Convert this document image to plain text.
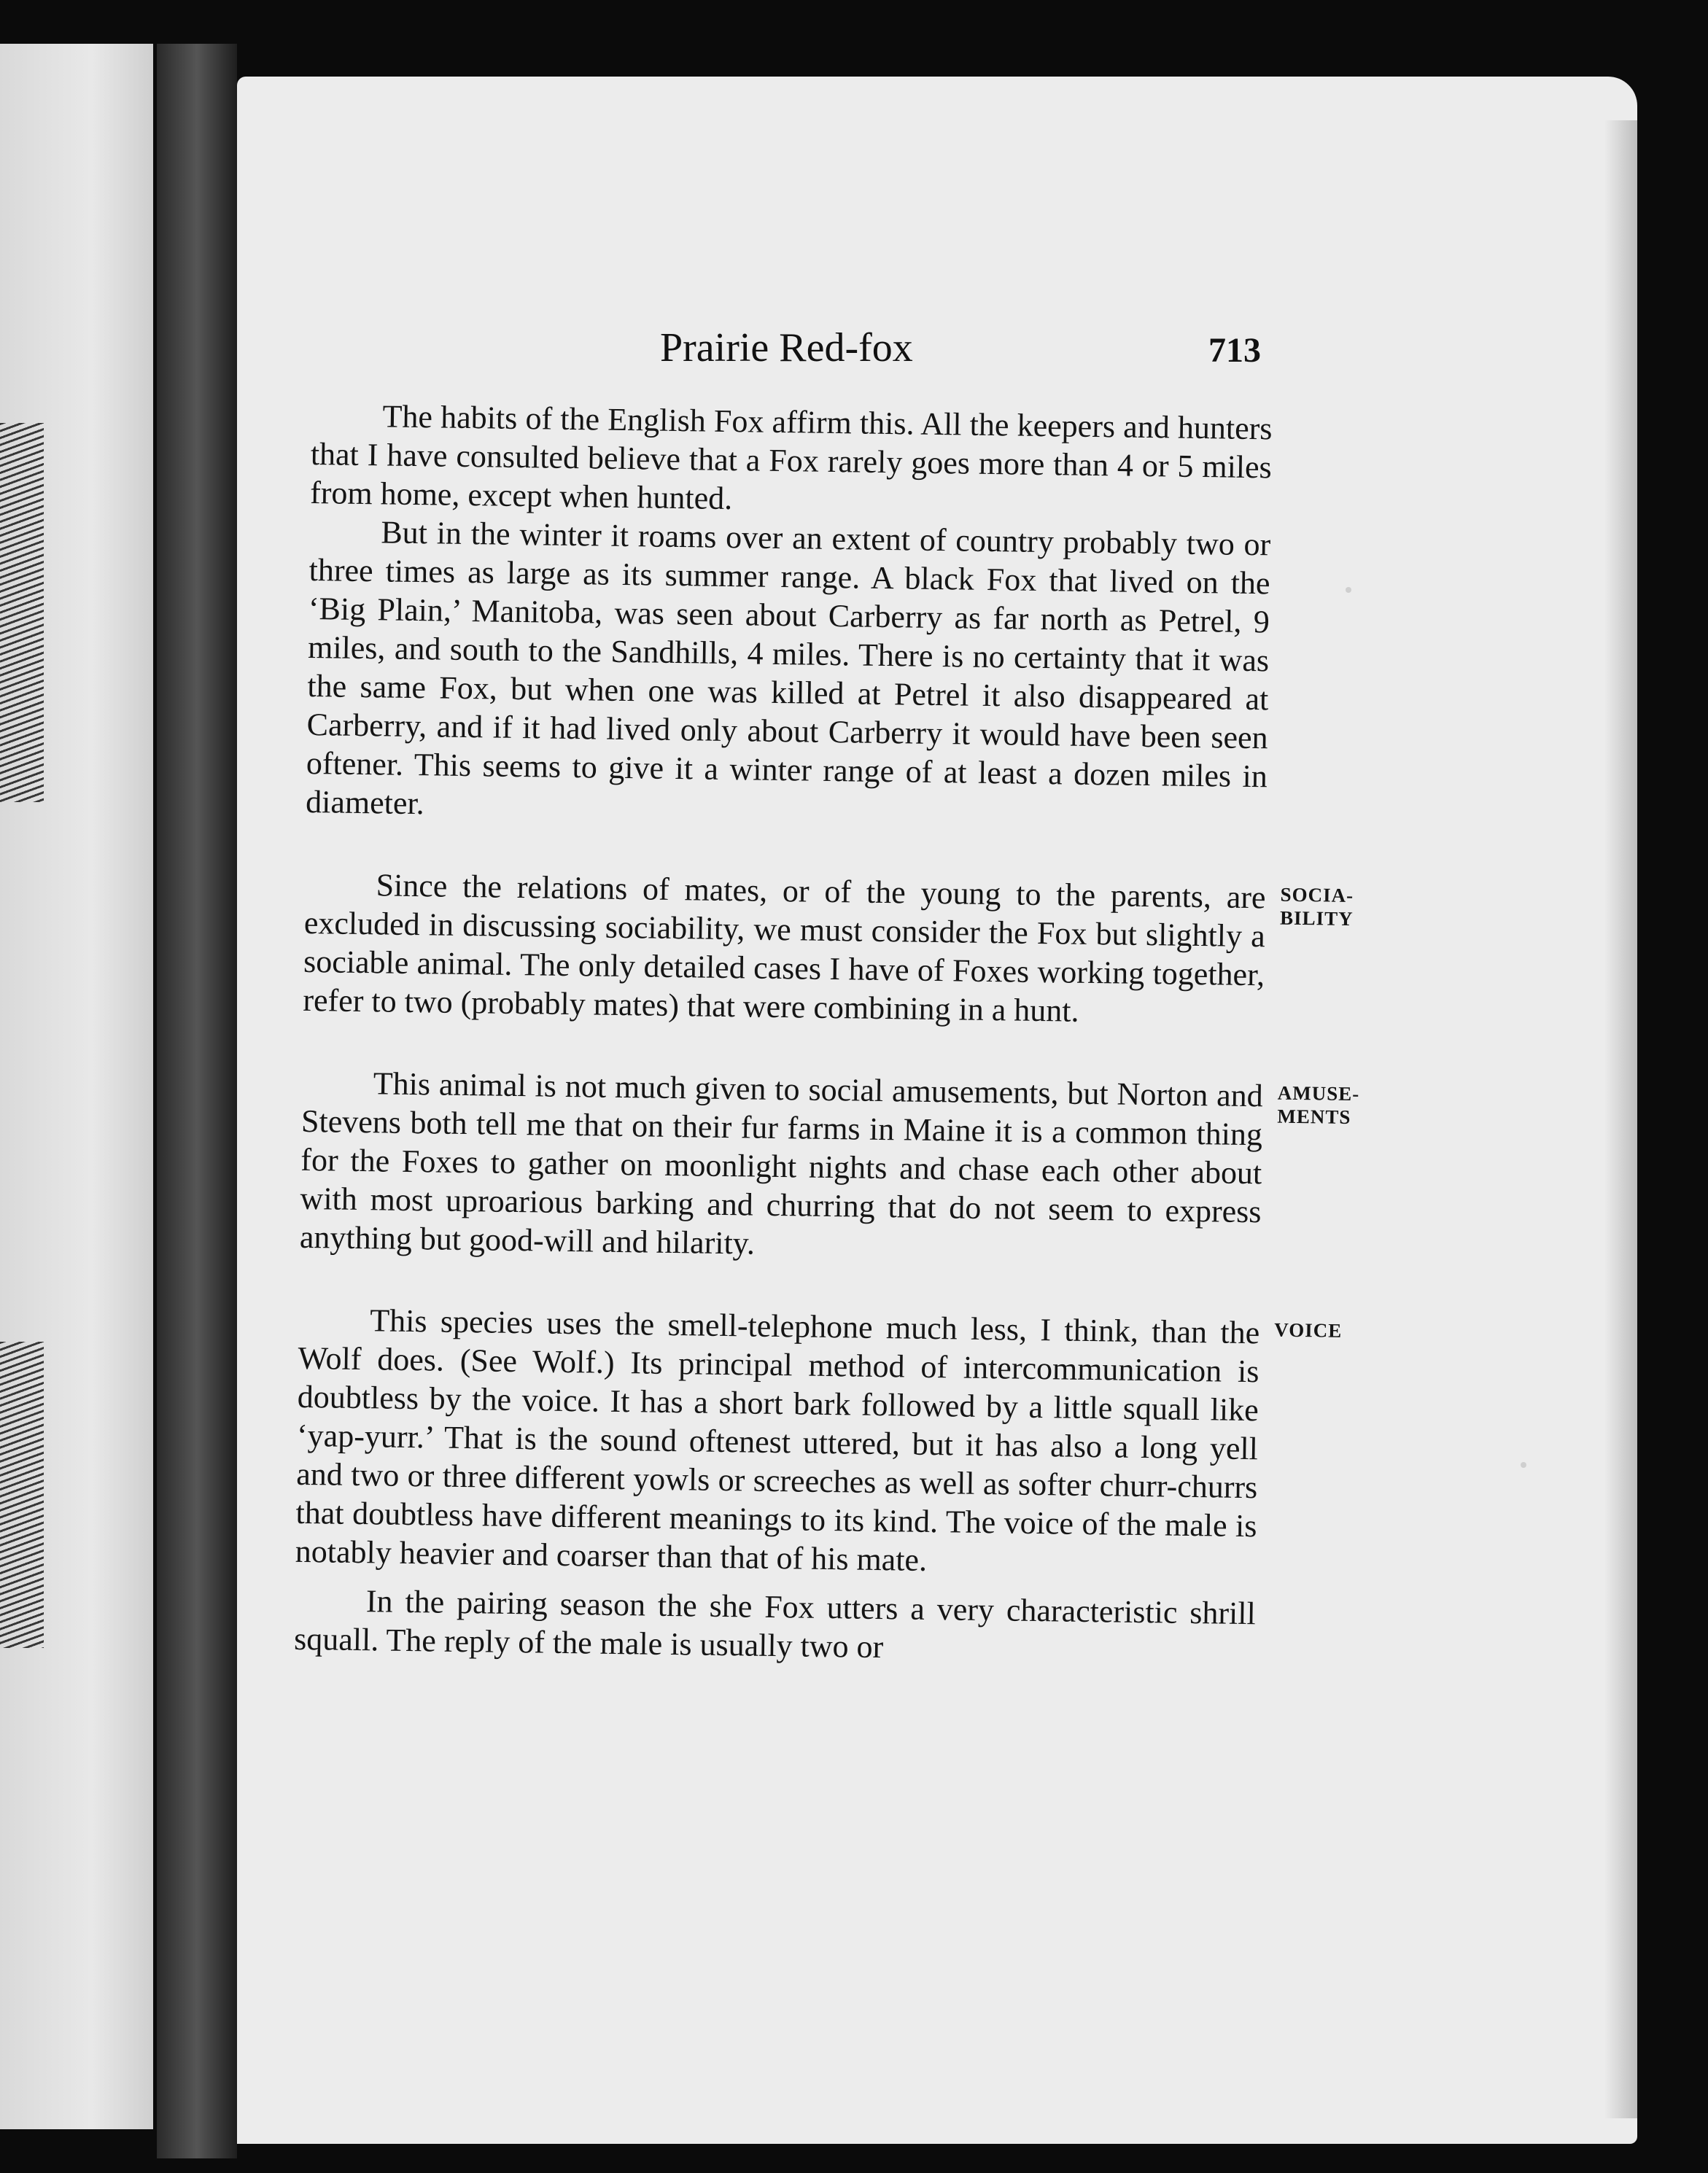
Prairie Red-fox	713

The habits of the English Fox affirm this. All the keepers and hunters that I have consulted believe that a Fox rarely goes more than 4 or 5 miles from home, except when hunted.

But in the winter it roams over an extent of country probably two or three times as large as its summer range. A black Fox that lived on the ‘Big Plain,’ Manitoba, was seen about Carberry as far north as Petrel, 9 miles, and south to the Sandhills, 4 miles. There is no certainty that it was the same Fox, but when one was killed at Petrel it also disappeared at Carberry, and if it had lived only about Carberry it would have been seen oftener. This seems to give it a winter range of at least a dozen miles in diameter.

SOCIA- BILITY

Since the relations of mates, or of the young to the parents, are excluded in discussing sociability, we must consider the Fox but slightly a sociable animal. The only detailed cases I have of Foxes working together, refer to two (probably mates) that were combining in a hunt.

AMUSE- MENTS

This animal is not much given to social amusements, but Norton and Stevens both tell me that on their fur farms in Maine it is a common thing for the Foxes to gather on moonlight nights and chase each other about with most uproarious barking and churring that do not seem to express anything but good-will and hilarity.

VOICE

This species uses the smell-telephone much less, I think, than the Wolf does. (See Wolf.) Its principal method of intercommunication is doubtless by the voice. It has a short bark followed by a little squall like ‘yap-yurr.’ That is the sound oftenest uttered, but it has also a long yell and two or three different yowls or screeches as well as softer churr-churrs that doubtless have different meanings to its kind. The voice of the male is notably heavier and coarser than that of his mate.

In the pairing season the she Fox utters a very characteristic shrill squall. The reply of the male is usually two or
